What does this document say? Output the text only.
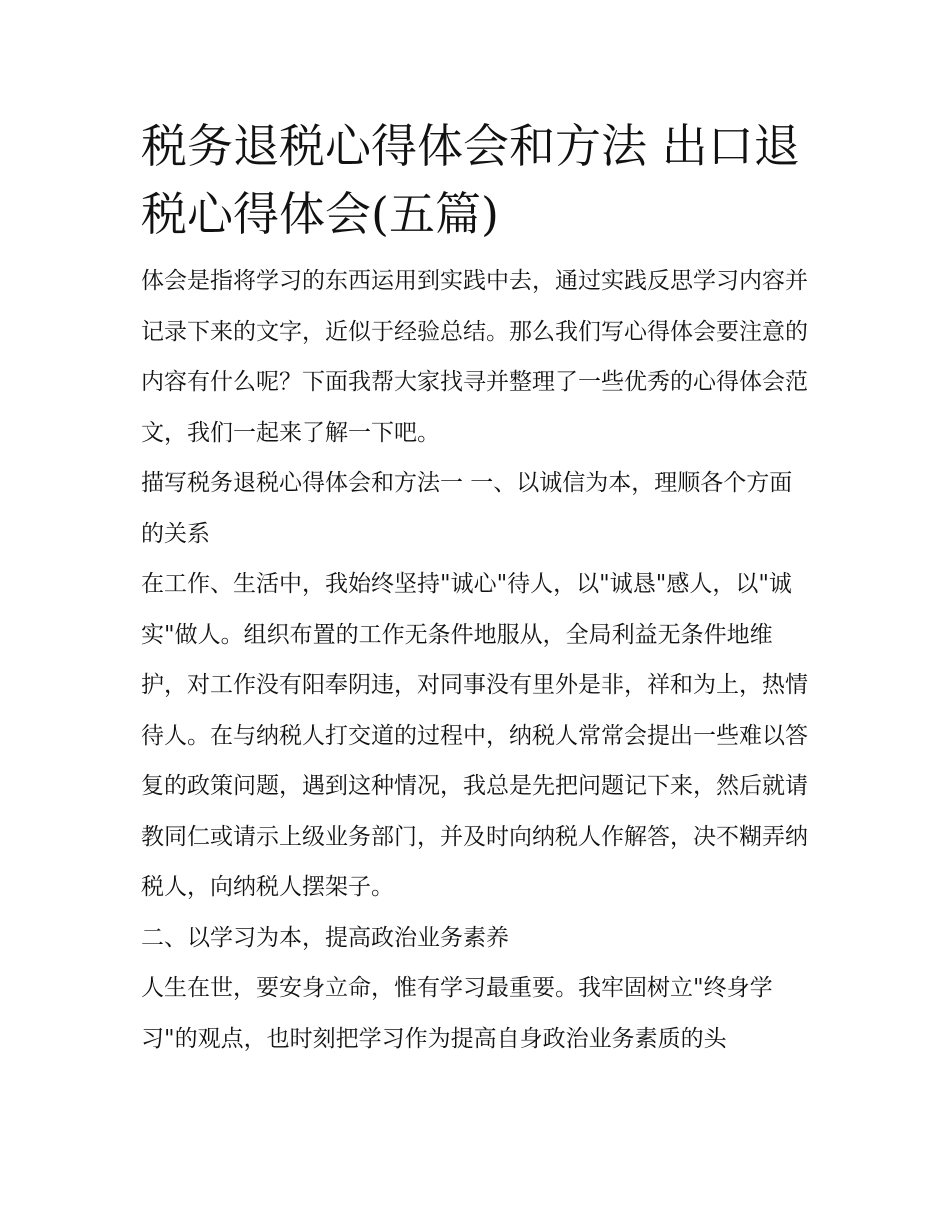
税务退税心得体会和方法 出口退税心得体会(五篇)

体会是指将学习的东西运用到实践中去，通过实践反思学习内容并记录下来的文字，近似于经验总结。那么我们写心得体会要注意的内容有什么呢？下面我帮大家找寻并整理了一些优秀的心得体会范文，我们一起来了解一下吧。

描写税务退税心得体会和方法一 一、以诚信为本，理顺各个方面的关系

在工作、生活中，我始终坚持"诚心"待人，以"诚恳"感人，以"诚实"做人。组织布置的工作无条件地服从，全局利益无条件地维护，对工作没有阳奉阴违，对同事没有里外是非，祥和为上，热情待人。在与纳税人打交道的过程中，纳税人常常会提出一些难以答复的政策问题，遇到这种情况，我总是先把问题记下来，然后就请教同仁或请示上级业务部门，并及时向纳税人作解答，决不糊弄纳税人，向纳税人摆架子。

二、以学习为本，提高政治业务素养

人生在世，要安身立命，惟有学习最重要。我牢固树立"终身学习"的观点，也时刻把学习作为提高自身政治业务素质的头
